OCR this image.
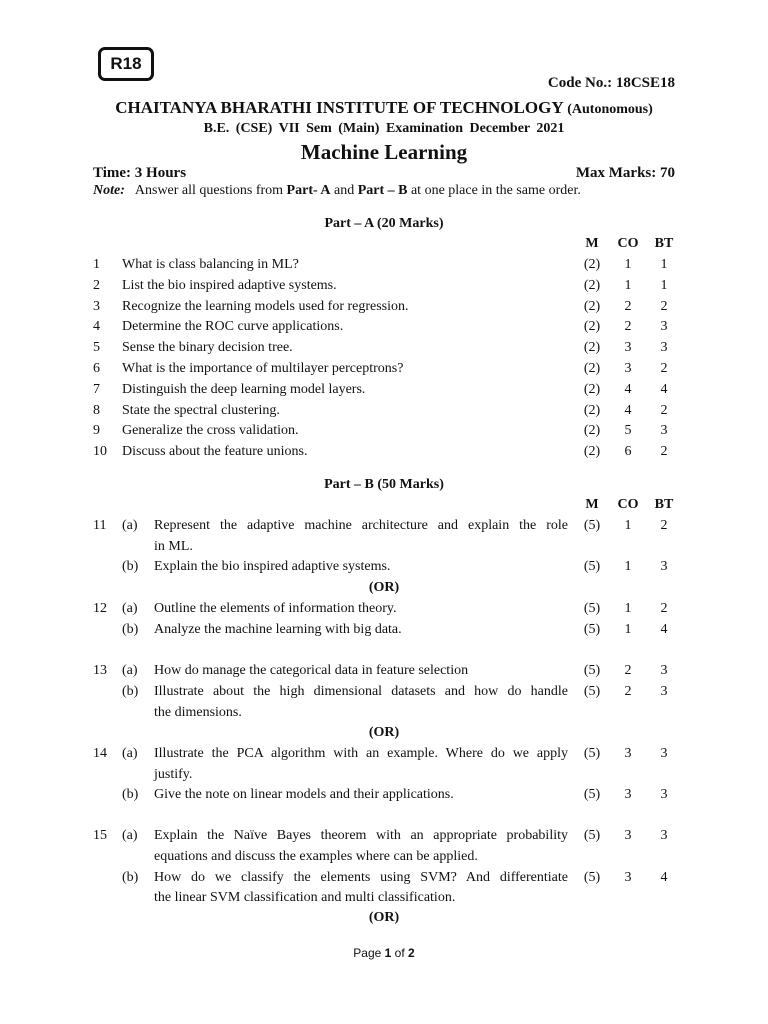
R18
Code No.: 18CSE18
CHAITANYA BHARATHI INSTITUTE OF TECHNOLOGY (Autonomous)
B.E. (CSE) VII Sem (Main) Examination December 2021
Machine Learning
Time: 3 Hours	Max Marks: 70
Note: Answer all questions from Part- A and Part – B at one place in the same order.
Part – A (20 Marks)
M	CO BT
1 What is class balancing in ML?	(2)	1	1
2 List the bio inspired adaptive systems.	(2)	1	1
3 Recognize the learning models used for regression.	(2)	2	2
4 Determine the ROC curve applications.	(2)	2	3
5 Sense the binary decision tree.	(2)	3	3
6 What is the importance of multilayer perceptrons?	(2)	3	2
7 Distinguish the deep learning model layers.	(2)	4	4
8 State the spectral clustering.	(2)	4	2
9 Generalize the cross validation.	(2)	5	3
10 Discuss about the feature unions.	(2)	6	2
Part – B (50 Marks)
M	CO BT
11 (a) Represent the adaptive machine architecture and explain the role
in ML.
(5)	1	2
(b) Explain the bio inspired adaptive systems.	(5)	1	3
(OR)
12 (a) Outline the elements of information theory.	(5)	1	2
(b) Analyze the machine learning with big data.	(5)	1	4
13 (a) How do manage the categorical data in feature selection	(5)	2	3
(b) Illustrate about the high dimensional datasets and how do handle
the dimensions.
(5)	2	3
(OR)
14 (a) Illustrate the PCA algorithm with an example. Where do we apply
justify.
(5)	3	3
(b) Give the note on linear models and their applications.	(5)	3	3
15 (a) Explain the Naïve Bayes theorem with an appropriate probability
equations and discuss the examples where can be applied.
(5)	3	3
(b) How do we classify the elements using SVM? And differentiate
the linear SVM classification and multi classification.
(5)	3	4
(OR)
Page 1 of 2
